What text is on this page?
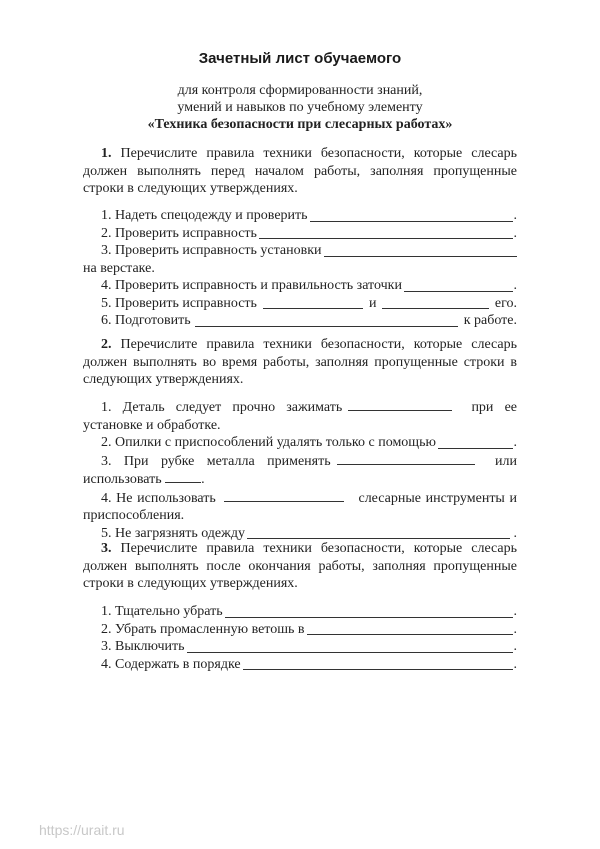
Зачетный лист обучаемого
для контроля сформированности знаний,
умений и навыков по учебному элементу
«Техника безопасности при слесарных работах»

1. Перечислите правила техники безопасности, которые слесарь должен выполнять перед началом работы, заполняя пропущенные строки в следующих утверждениях.

1. Надеть спецодежду и проверить	.
2. Проверить исправность	.
3. Проверить исправность установки
на верстаке.
4. Проверить исправность и правильность заточки	.
5. Проверить исправность	и	его.
6. Подготовить	к работе.

2. Перечислите правила техники безопасности, которые слесарь должен выполнять во время работы, заполняя пропущенные строки в следующих утверждениях.

1. Деталь следует прочно зажимать	при ее установке и обработке.

2. Опилки с приспособлений удалять только с помощью	.

3. При рубке металла применять	или использовать	.

4. Не использовать	слесарные инструменты и приспособления.

5. Не загрязнять одежду	.

3. Перечислите правила техники безопасности, которые слесарь должен выполнять после окончания работы, заполняя пропущенные строки в следующих утверждениях.

1. Тщательно убрать	.
2. Убрать промасленную ветошь в	.
3. Выключить	.
4. Содержать в порядке	.
https://urait.ru
